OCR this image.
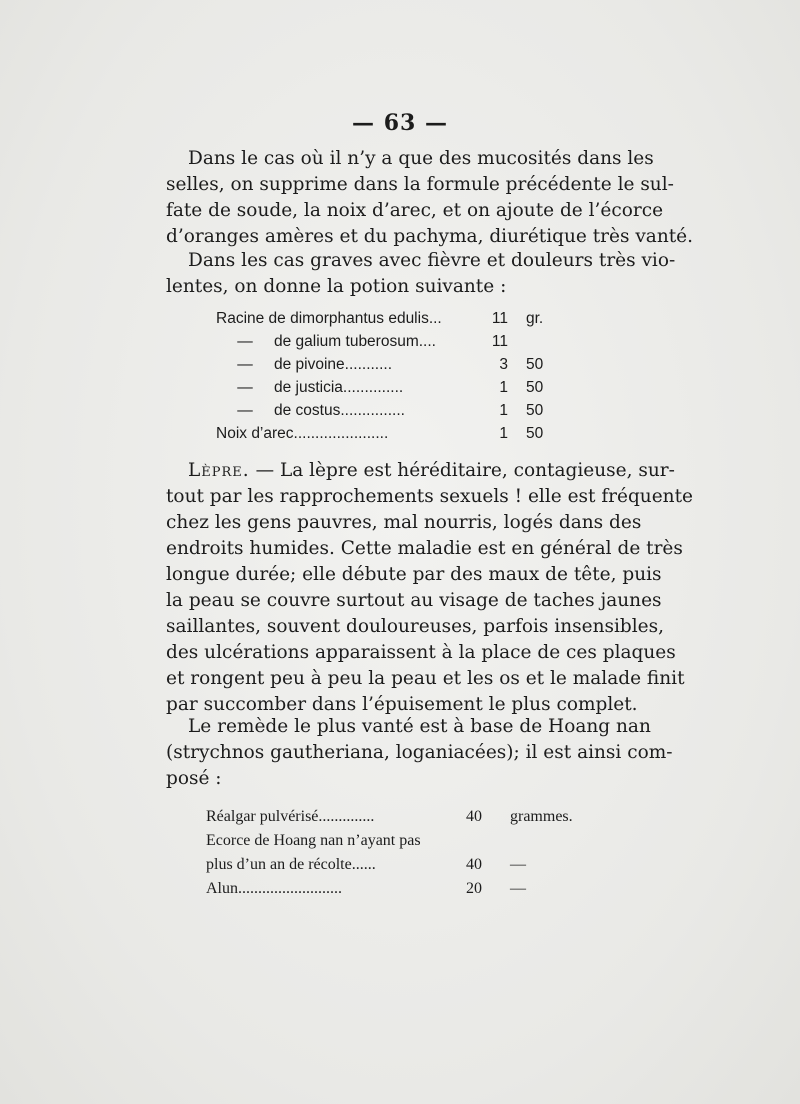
— 63 —
Dans le cas où il n’y a que des mucosités dans les
selles, on supprime dans la formule précédente le sul-
fate de soude, la noix d’arec, et on ajoute de l’écorce
d’oranges amères et du pachyma, diurétique très vanté.
Dans les cas graves avec fièvre et douleurs très vio-
lentes, on donne la potion suivante :
Racine de dimorphantus edulis...	11	gr.
— de galium tuberosum....	11	
— de pivoine...........	3	50
— de justicia..............	1	50
— de costus...............	1	50
Noix d’arec......................	1	50
Lèpre. — La lèpre est héréditaire, contagieuse, sur-
tout par les rapprochements sexuels ! elle est fréquente
chez les gens pauvres, mal nourris, logés dans des
endroits humides. Cette maladie est en général de très
longue durée; elle débute par des maux de tête, puis
la peau se couvre surtout au visage de taches jaunes
saillantes, souvent douloureuses, parfois insensibles,
des ulcérations apparaissent à la place de ces plaques
et rongent peu à peu la peau et les os et le malade finit
par succomber dans l’épuisement le plus complet.
Le remède le plus vanté est à base de Hoang nan
(strychnos gautheriana, loganiacées); il est ainsi com-
posé :
Réalgar pulvérisé..............	40	grammes.
Ecorce de Hoang nan n’ayant pas		
plus d’un an de récolte......	40	—
Alun..........................	20	—
